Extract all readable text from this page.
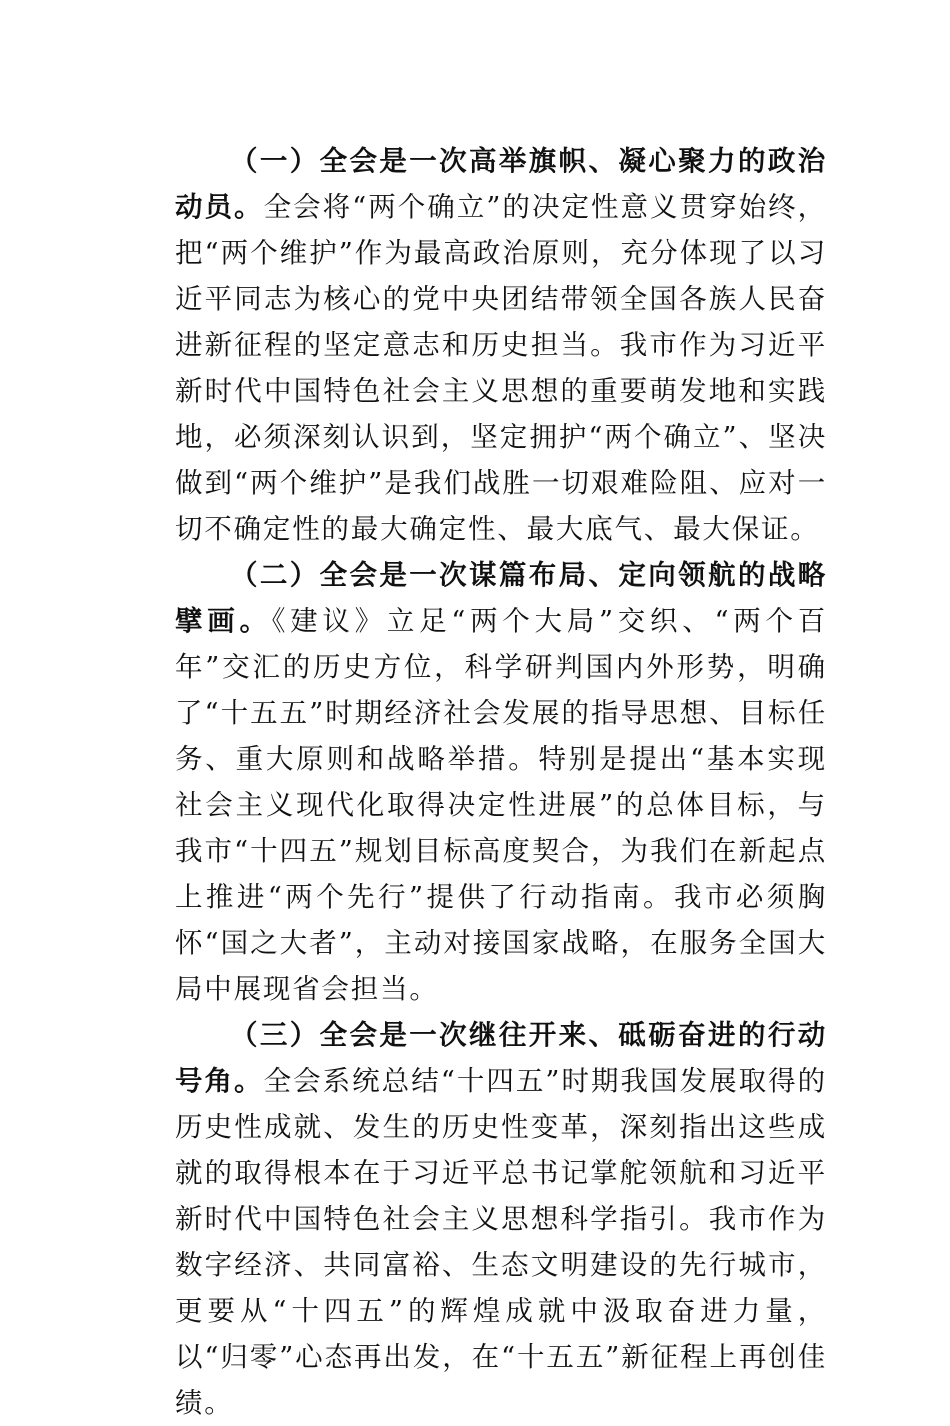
（一）全会是一次高举旗帜、凝心聚力的政治动员。全会将“两个确立”的决定性意义贯穿始终，把“两个维护”作为最高政治原则，充分体现了以习近平同志为核心的党中央团结带领全国各族人民奋进新征程的坚定意志和历史担当。我市作为习近平新时代中国特色社会主义思想的重要萌发地和实践地，必须深刻认识到，坚定拥护“两个确立”、坚决做到“两个维护”是我们战胜一切艰难险阻、应对一切不确定性的最大确定性、最大底气、最大保证。

（二）全会是一次谋篇布局、定向领航的战略擘画。《建议》立足“两个大局”交织、“两个百年”交汇的历史方位，科学研判国内外形势，明确了“十五五”时期经济社会发展的指导思想、目标任务、重大原则和战略举措。特别是提出“基本实现社会主义现代化取得决定性进展”的总体目标，与我市“十四五”规划目标高度契合，为我们在新起点上推进“两个先行”提供了行动指南。我市必须胸怀“国之大者”，主动对接国家战略，在服务全国大局中展现省会担当。

（三）全会是一次继往开来、砥砺奋进的行动号角。全会系统总结“十四五”时期我国发展取得的历史性成就、发生的历史性变革，深刻指出这些成就的取得根本在于习近平总书记掌舵领航和习近平新时代中国特色社会主义思想科学指引。我市作为数字经济、共同富裕、生态文明建设的先行城市，更要从“十四五”的辉煌成就中汲取奋进力量，以“归零”心态再出发，在“十五五”新征程上再创佳绩。
